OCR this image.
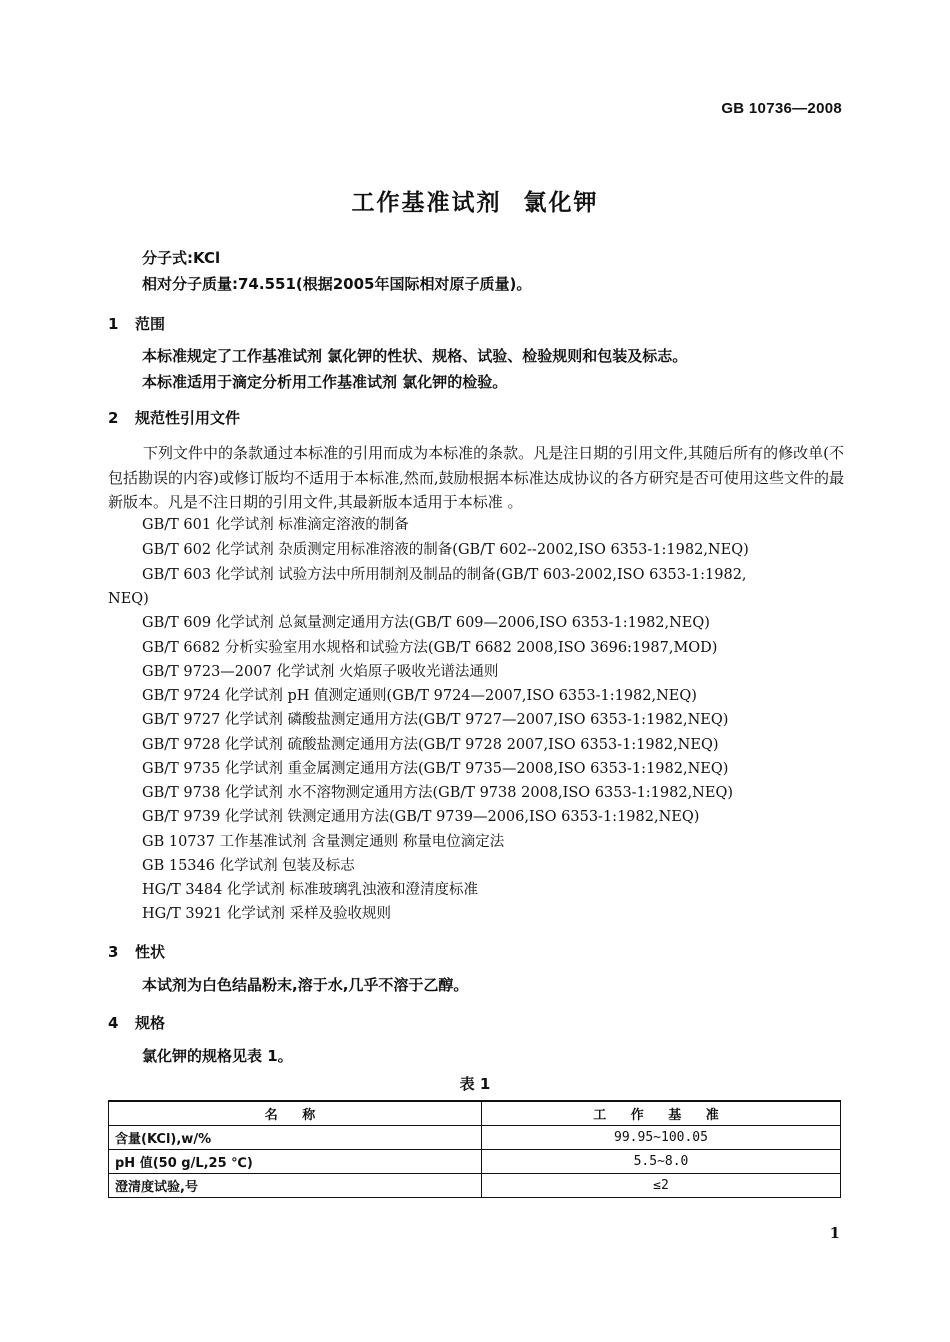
GB 10736—2008
工作基准试剂 氯化钾
分子式:KCl
相对分子质量:74.551(根据2005年国际相对原子质量)。
1 范围
本标准规定了工作基准试剂 氯化钾的性状、规格、试验、检验规则和包装及标志。
本标准适用于滴定分析用工作基准试剂 氯化钾的检验。
2 规范性引用文件
下列文件中的条款通过本标准的引用而成为本标准的条款。凡是注日期的引用文件,其随后所有的修改单(不包括勘误的内容)或修订版均不适用于本标准,然而,鼓励根据本标准达成协议的各方研究是否可使用这些文件的最新版本。凡是不注日期的引用文件,其最新版本适用于本标准 。
GB/T 601 化学试剂 标准滴定溶液的制备
GB/T 602 化学试剂 杂质测定用标准溶液的制备(GB/T 602--2002,ISO 6353-1:1982,NEQ)
GB/T 603 化学试剂 试验方法中所用制剂及制品的制备(GB/T 603-2002,ISO 6353-1:1982,
NEQ)
GB/T 609 化学试剂 总氮量测定通用方法(GB/T 609—2006,ISO 6353-1:1982,NEQ)
GB/T 6682 分析实验室用水规格和试验方法(GB/T 6682 2008,ISO 3696:1987,MOD)
GB/T 9723—2007 化学试剂 火焰原子吸收光谱法通则
GB/T 9724 化学试剂 pH 值测定通则(GB/T 9724—2007,ISO 6353-1:1982,NEQ)
GB/T 9727 化学试剂 磷酸盐测定通用方法(GB/T 9727—2007,ISO 6353-1:1982,NEQ)
GB/T 9728 化学试剂 硫酸盐测定通用方法(GB/T 9728 2007,ISO 6353-1:1982,NEQ)
GB/T 9735 化学试剂 重金属测定通用方法(GB/T 9735—2008,ISO 6353-1:1982,NEQ)
GB/T 9738 化学试剂 水不溶物测定通用方法(GB/T 9738 2008,ISO 6353-1:1982,NEQ)
GB/T 9739 化学试剂 铁测定通用方法(GB/T 9739—2006,ISO 6353-1:1982,NEQ)
GB 10737 工作基准试剂 含量测定通则 称量电位滴定法
GB 15346 化学试剂 包装及标志
HG/T 3484 化学试剂 标准玻璃乳浊液和澄清度标准
HG/T 3921 化学试剂 采样及验收规则
3 性状
本试剂为白色结晶粉末,溶于水,几乎不溶于乙醇。
4 规格
氯化钾的规格见表 1。
表 1
名 称	工 作 基 准
含量(KCl),w/%	99.95~100.05
pH 值(50 g/L,25 ℃)	5.5~8.0
澄清度试验,号	≤2
1
